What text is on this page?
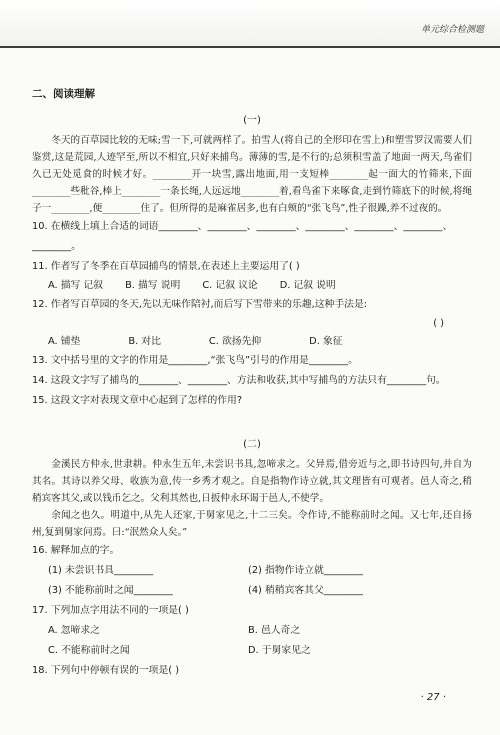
单元综合检测题
二、阅读理解
(一)

冬天的百草园比较的无味;雪一下,可就两样了。拍雪人(将自己的全形印在雪上)和塑雪罗汉需要人们鉴赏,这是荒园,人迹罕至,所以不相宜,只好来捕鸟。薄薄的雪,是不行的;总须积雪盖了地面一两天,鸟雀们久已无处觅食的时候才好。________开一块雪,露出地面,用一支短棒________起一面大的竹筛来,下面________些秕谷,棒上________一条长绳,人远远地________着,看鸟雀下来啄食,走到竹筛底下的时候,将绳子一________,便________住了。但所得的是麻雀居多,也有白颊的“张飞鸟”,性子很躁,养不过夜的。

10. 在横线上填上合适的词语________、________、________、________、________、________、________。

11. 作者写了冬季在百草园捕鸟的情景,在表述上主要运用了( )

A. 描写 记叙 B. 描写 说明 C. 记叙 议论 D. 记叙 说明

12. 作者写百草园的冬天,先以无味作陪衬,而后写下雪带来的乐趣,这种手法是:

( )
A. 铺垫	B. 对比	C. 欲扬先抑	D. 象征

13. 文中括号里的文字的作用是________,“张飞鸟”引号的作用是________。

14. 这段文字写了捕鸟的________、________、方法和收获,其中写捕鸟的方法只有________句。

15. 这段文字对表现文章中心起到了怎样的作用?

(二)

金溪民方仲永,世隶耕。仲永生五年,未尝识书具,忽啼求之。父异焉,借旁近与之,即书诗四句,并自为其名。其诗以养父母、收族为意,传一乡秀才观之。自是指物作诗立就,其文理皆有可观者。邑人奇之,稍稍宾客其父,或以钱币乞之。父利其然也,日扳仲永环谒于邑人,不使学。

余闻之也久。明道中,从先人还家,于舅家见之,十二三矣。令作诗,不能称前时之闻。又七年,还自扬州,复到舅家问焉。曰:“泯然众人矣。”

16. 解释加点的字。

(1) 未尝识书具________	(2) 指物作诗立就________
(3) 不能称前时之闻________	(4) 稍稍宾客其父________

17. 下列加点字用法不同的一项是( )

A. 忽啼求之	B. 邑人奇之
C. 不能称前时之闻	D. 于舅家见之

18. 下列句中停顿有误的一项是( )

· 27 ·
